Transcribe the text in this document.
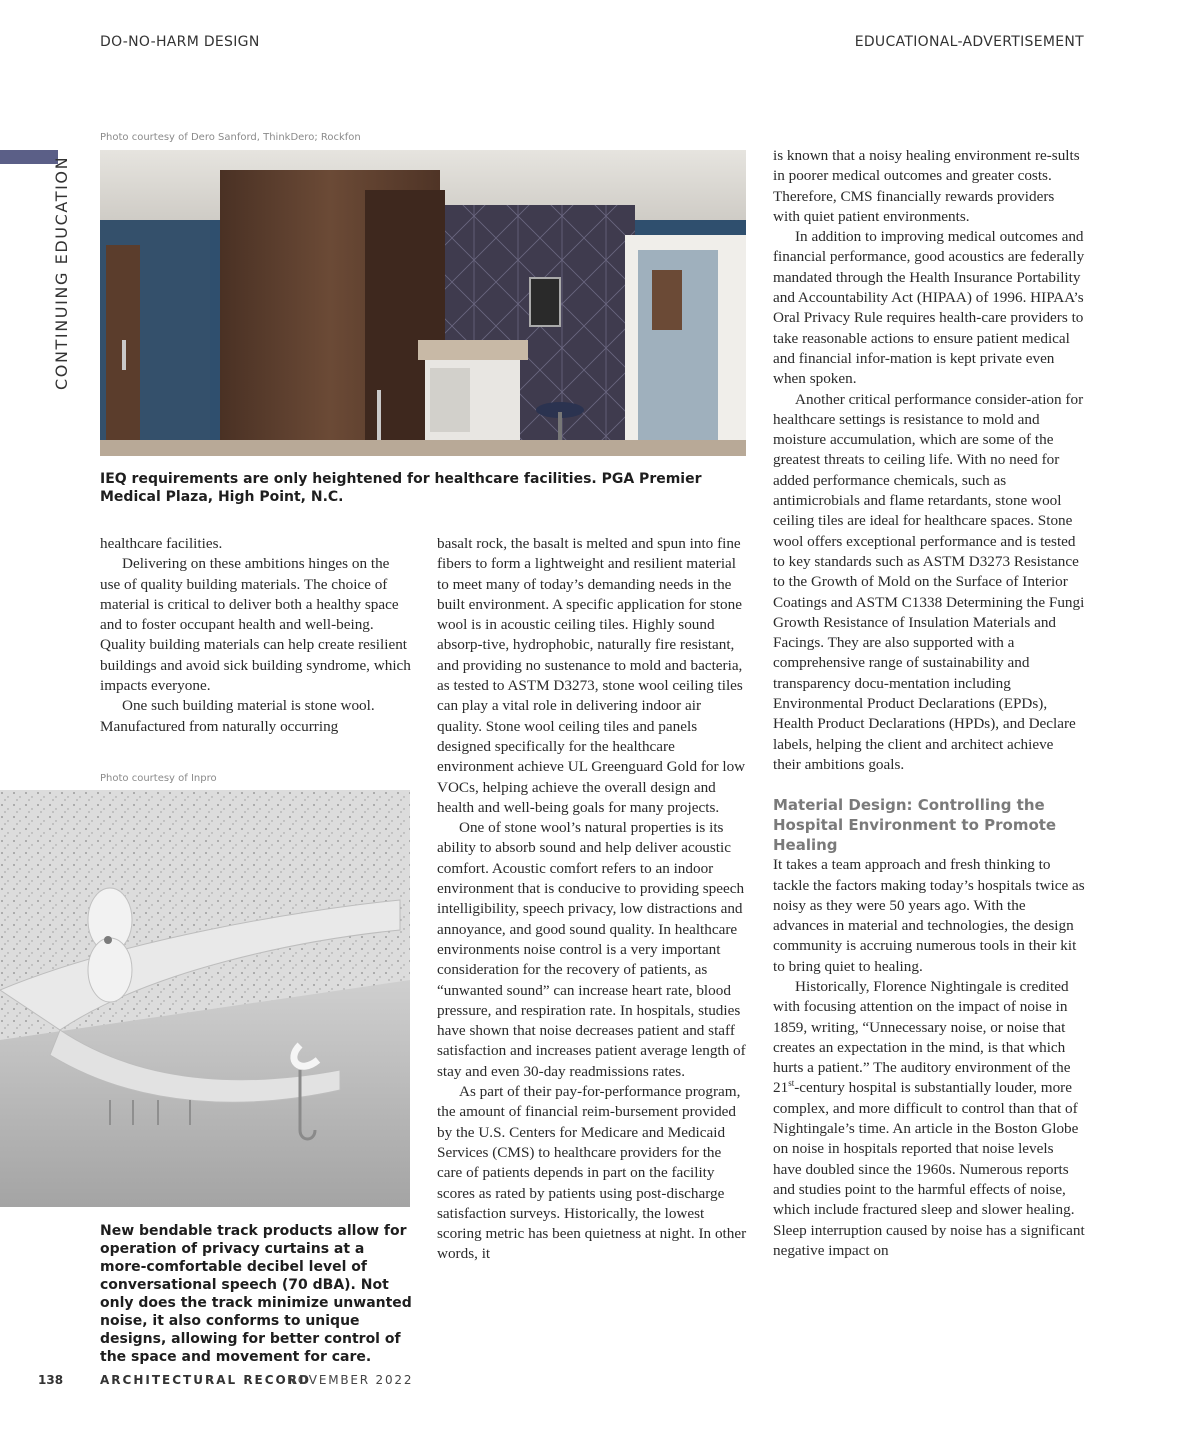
DO-NO-HARM DESIGN	EDUCATIONAL-ADVERTISEMENT
CONTINUING EDUCATION
Photo courtesy of Dero Sanford, ThinkDero; Rockfon
IEQ requirements are only heightened for healthcare facilities. PGA Premier Medical Plaza, High Point, N.C.

healthcare facilities.

Delivering on these ambitions hinges on the use of quality building materials. The choice of material is critical to deliver both a healthy space and to foster occupant health and well-being. Quality building materials can help create resilient buildings and avoid sick building syndrome, which impacts everyone.

One such building material is stone wool. Manufactured from naturally occurring

Photo courtesy of Inpro
New bendable track products allow for operation of privacy curtains at a more-comfortable decibel level of conversational speech (70 dBA). Not only does the track minimize unwanted noise, it also conforms to unique designs, allowing for better control of the space and movement for care.

basalt rock, the basalt is melted and spun into fine fibers to form a lightweight and resilient material to meet many of today’s demanding needs in the built environment. A specific application for stone wool is in acoustic ceiling tiles. Highly sound absorp-tive, hydrophobic, naturally fire resistant, and providing no sustenance to mold and bacteria, as tested to ASTM D3273, stone wool ceiling tiles can play a vital role in delivering indoor air quality. Stone wool ceiling tiles and panels designed specifically for the healthcare environment achieve UL Greenguard Gold for low VOCs, helping achieve the overall design and health and well-being goals for many projects.

One of stone wool’s natural properties is its ability to absorb sound and help deliver acoustic comfort. Acoustic comfort refers to an indoor environment that is conducive to providing speech intelligibility, speech privacy, low distractions and annoyance, and good sound quality. In healthcare environments noise control is a very important consideration for the recovery of patients, as “unwanted sound” can increase heart rate, blood pressure, and respiration rate. In hospitals, studies have shown that noise decreases patient and staff satisfaction and increases patient average length of stay and even 30-day readmissions rates.

As part of their pay-for-performance program, the amount of financial reim-bursement provided by the U.S. Centers for Medicare and Medicaid Services (CMS) to healthcare providers for the care of patients depends in part on the facility scores as rated by patients using post-discharge satisfaction surveys. Historically, the lowest scoring metric has been quietness at night. In other words, it

is known that a noisy healing environment re-sults in poorer medical outcomes and greater costs. Therefore, CMS financially rewards providers with quiet patient environments.

In addition to improving medical outcomes and financial performance, good acoustics are federally mandated through the Health Insurance Portability and Accountability Act (HIPAA) of 1996. HIPAA’s Oral Privacy Rule requires health-care providers to take reasonable actions to ensure patient medical and financial infor-mation is kept private even when spoken.

Another critical performance consider-ation for healthcare settings is resistance to mold and moisture accumulation, which are some of the greatest threats to ceiling life. With no need for added performance chemicals, such as antimicrobials and flame retardants, stone wool ceiling tiles are ideal for healthcare spaces. Stone wool offers exceptional performance and is tested to key standards such as ASTM D3273 Resistance to the Growth of Mold on the Surface of Interior Coatings and ASTM C1338 Determining the Fungi Growth Resistance of Insulation Materials and Facings. They are also supported with a comprehensive range of sustainability and transparency docu-mentation including Environmental Product Declarations (EPDs), Health Product Declarations (HPDs), and Declare labels, helping the client and architect achieve their ambitions goals.

Material Design: Controlling the Hospital Environment to Promote Healing

It takes a team approach and fresh thinking to tackle the factors making today’s hospitals twice as noisy as they were 50 years ago. With the advances in material and technologies, the design community is accruing numerous tools in their kit to bring quiet to healing.

Historically, Florence Nightingale is credited with focusing attention on the impact of noise in 1859, writing, “Unnecessary noise, or noise that creates an expectation in the mind, is that which hurts a patient.” The auditory environment of the 21st-century hospital is substantially louder, more complex, and more difficult to control than that of Nightingale’s time. An article in the Boston Globe on noise in hospitals reported that noise levels have doubled since the 1960s. Numerous reports and studies point to the harmful effects of noise, which include fractured sleep and slower healing. Sleep interruption caused by noise has a significant negative impact on

138	ARCHITECTURAL RECORD
NOVEMBER 2022
